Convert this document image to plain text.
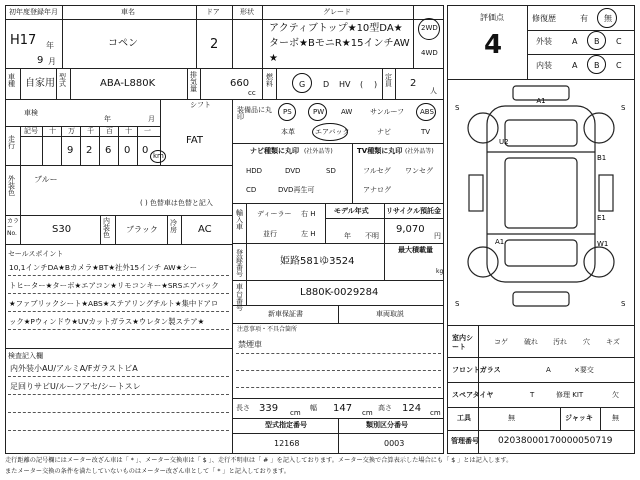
初年度登録年月
H17 年
9 月
車名
コペン
ドア
2
形状	グレード
アクティブトップ★10型DA★
ターボ★BモニR★15インチAW
★
2WD
4WD
評価点
4
修復歴	有 無
外装	A B C
内装	A B C
車種 自家用
型式	ABA-L880K
排気量	660
cc
燃料	G D HV ( )
定員 2
人
車検
年	月
シフト
FAT
走行
記号 十 万 千 百 十 一
9 2 6 0 0 km
外装色
ブルー
( ) 色替車は色替と記入
カラーNo.	S30
内装色
ブラック
冷房	AC
セールスポイント
10,1インチDA★Bカメラ★BT★社外15インチ AW★シー
トヒーター★ターボ★エアコン★リモコンキー★SRSエアバック
★ファブリックシート★ABS★ステアリングチルト★集中ドアロ
ック★Pウィンドウ★UVカットガラス★ウレタン製ステア★
検査記入欄
内外装小AU/アルミA/FガラストビA
足回りサビU/ルーフアセ/シートスレ
装備品に丸印
PS	PW AW	サンルーフ ABS
本革	エアバック	ナビ	TV
ナビ種類に丸印 (社外品等)
HDD	DVD	SD
CD	DVD再生可
TV種類に丸印 (社外品等)
フルセグ ワンセグ
アナログ
輸入車
ディーラー
並行
右 H
左 H
モデル年式
年 不明
リサイクル預託金
9,070
円
登録番号
姫路581ゆ3524
最大積載量
kg
車台番号
L880K-0029284
新車保証書	車両取説
注意事項・不具合箇所
禁煙車
長さ 339 cm
幅 147 cm
高さ 124 cm
型式指定番号
12168
類別区分番号
0003
A1
U2
B1
E1
A1	W1
S	S
S	S
室内シート
コゲ 破れ 汚れ 穴 キズ
フロントガラス	A	×要交
スペアタイヤ	T	修理 KIT	欠
工具	無	ジャッキ	無
管理番号 020380001700000507​19
走行距離の記号欄にはメーター改ざん車は「 * 」、メーター交換車は「 $ 」、走行不明車は「 # 」を記入しております。メーター交換で合算表示した場合にも「 $ 」とは記入します。
またメーター交換の条件を満たしていないものはメーター改ざん車として「 * 」と記入しております。
